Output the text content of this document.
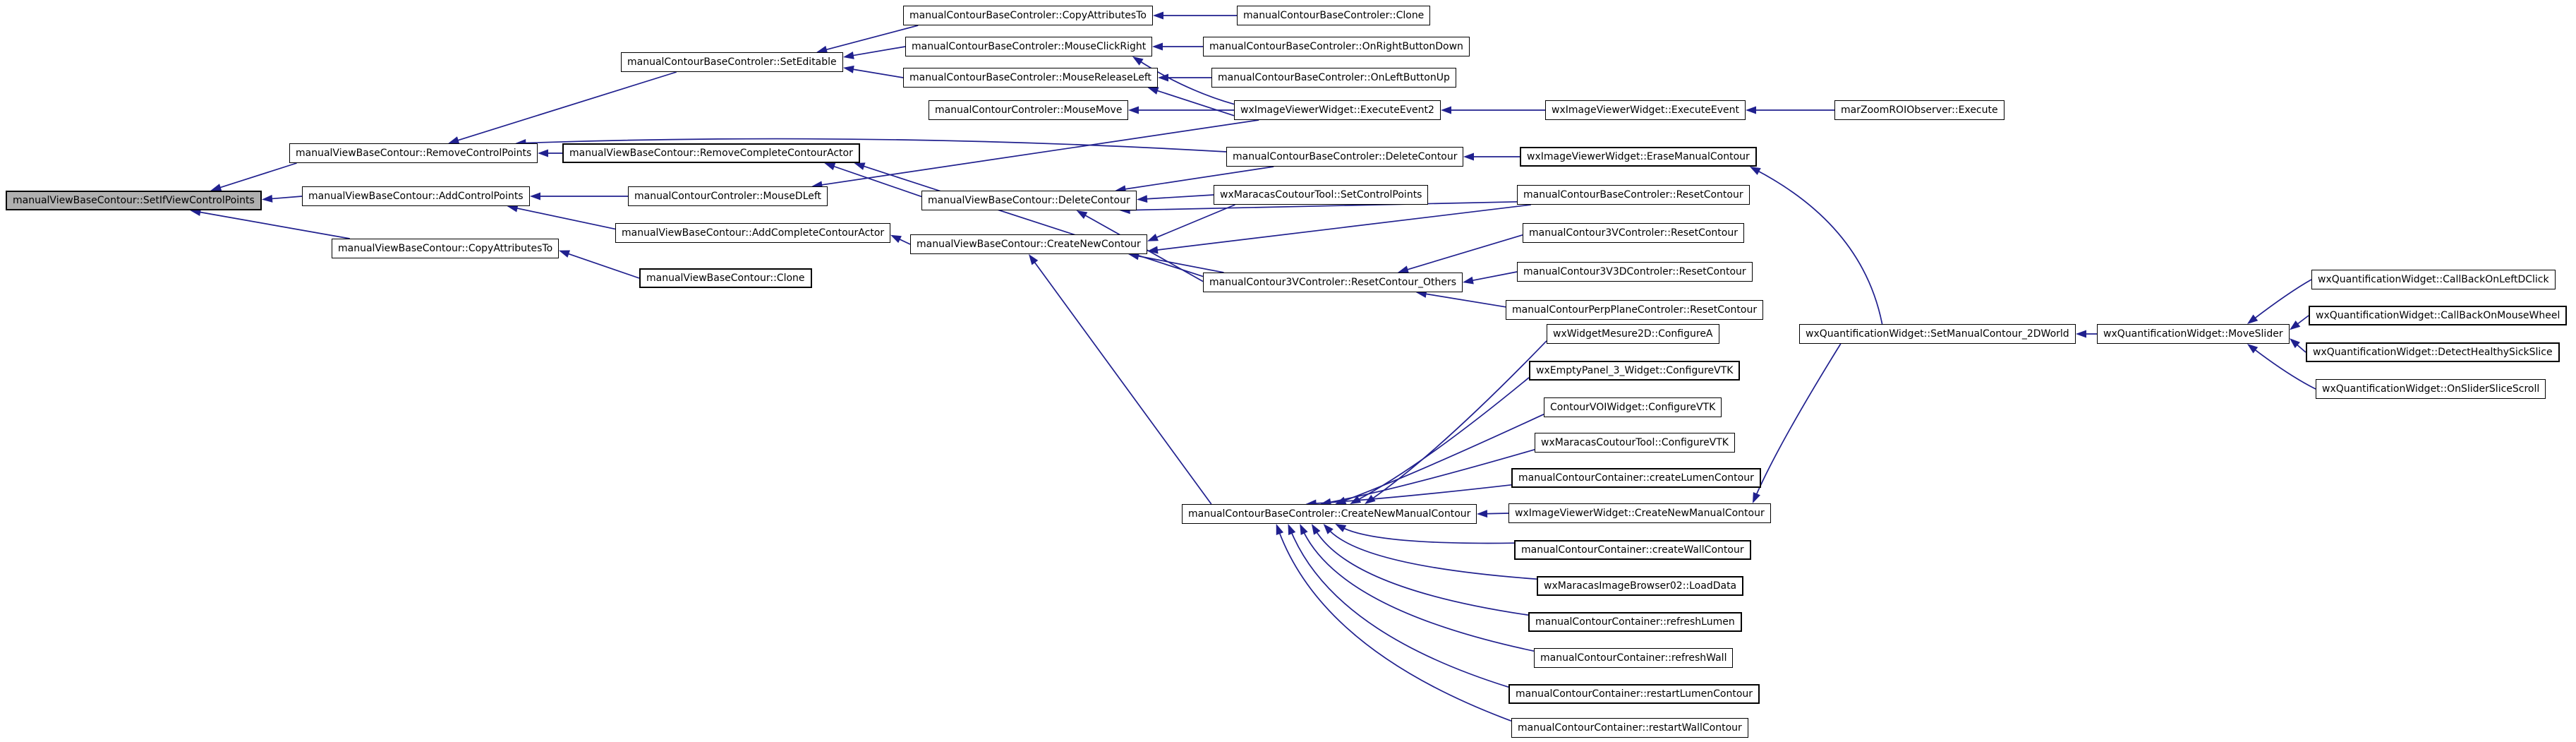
manualViewBaseContour::SetIfViewControlPoints
manualViewBaseContour::RemoveControlPoints
manualViewBaseContour::AddControlPoints
manualViewBaseContour::CopyAttributesTo
manualViewBaseContour::RemoveCompleteContourActor
manualContourControler::MouseDLeft
manualViewBaseContour::AddCompleteContourActor
manualViewBaseContour::Clone
manualContourBaseControler::SetEditable
manualContourBaseControler::CopyAttributesTo
manualContourBaseControler::MouseClickRight
manualContourBaseControler::MouseReleaseLeft
manualContourControler::MouseMove
manualViewBaseContour::DeleteContour
manualViewBaseContour::CreateNewContour
manualContourBaseControler::Clone
manualContourBaseControler::OnRightButtonDown
manualContourBaseControler::OnLeftButtonUp
wxImageViewerWidget::ExecuteEvent2
manualContourBaseControler::DeleteContour
wxMaracasCoutourTool::SetControlPoints
manualContour3VControler::ResetContour_Others
manualContourBaseControler::CreateNewManualContour
wxImageViewerWidget::ExecuteEvent
wxImageViewerWidget::EraseManualContour
manualContourBaseControler::ResetContour
manualContour3VControler::ResetContour
manualContour3V3DControler::ResetContour
manualContourPerpPlaneControler::ResetContour
wxWidgetMesure2D::ConfigureA
wxEmptyPanel_3_Widget::ConfigureVTK
ContourVOIWidget::ConfigureVTK
wxMaracasCoutourTool::ConfigureVTK
manualContourContainer::createLumenContour
wxImageViewerWidget::CreateNewManualContour
manualContourContainer::createWallContour
wxMaracasImageBrowser02::LoadData
manualContourContainer::refreshLumen
manualContourContainer::refreshWall
manualContourContainer::restartLumenContour
manualContourContainer::restartWallContour
marZoomROIObserver::Execute
wxQuantificationWidget::SetManualContour_2DWorld	wxQuantificationWidget::MoveSlider
wxQuantificationWidget::CallBackOnLeftDClick
wxQuantificationWidget::CallBackOnMouseWheel
wxQuantificationWidget::DetectHealthySickSlice
wxQuantificationWidget::OnSliderSliceScroll
